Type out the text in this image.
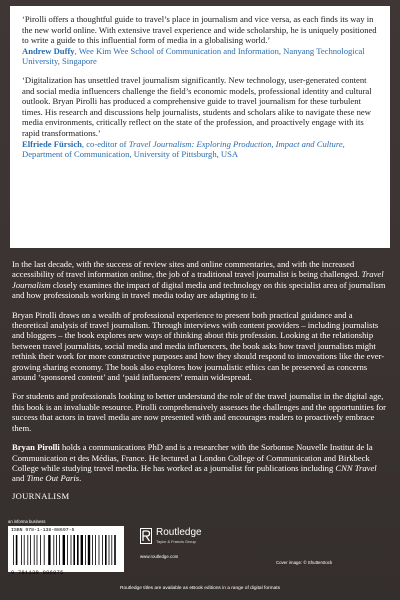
‘Pirolli offers a thoughtful guide to travel’s place in journalism and vice versa, as each finds its way in the new world online. With extensive travel experience and wide scholarship, he is uniquely positioned to write a guide to this influential form of media in a globalising world.’
Andrew Duffy, Wee Kim Wee School of Communication and Information, Nanyang Technological University, Singapore

‘Digitalization has unsettled travel journalism significantly. New technology, user-generated content and social media influencers challenge the field’s economic models, professional identity and cultural outlook. Bryan Pirolli has produced a comprehensive guide to travel journalism for these turbulent times. His research and discussions help journalists, students and scholars alike to navigate these new media environments, critically reflect on the state of the profession, and proactively engage with its rapid transformations.’
Elfriede Fürsich, co-editor of Travel Journalism: Exploring Production, Impact and Culture, Department of Communication, University of Pittsburgh, USA

In the last decade, with the success of review sites and online commentaries, and with the increased accessibility of travel information online, the job of a traditional travel journalist is being challenged. Travel Journalism closely examines the impact of digital media and technology on this specialist area of journalism and how professionals working in travel media today are adapting to it.

Bryan Pirolli draws on a wealth of professional experience to present both practical guidance and a theoretical analysis of travel journalism. Through interviews with content providers – including journalists and bloggers – the book explores new ways of thinking about this profession. Looking at the relationship between travel journalists, social media and media influencers, the book asks how travel journalists might rethink their work for more constructive purposes and how they should respond to innovations like the ever-growing sharing economy. The book also explores how journalistic ethics can be preserved as concerns around ‘sponsored content’ and ‘paid influencers’ remain widespread.

For students and professionals looking to better understand the role of the travel journalist in the digital age, this book is an invaluable resource. Pirolli comprehensively assesses the challenges and the opportunities for success that actors in travel media are now presented with and encourages readers to proactively embrace them.

Bryan Pirolli holds a communications PhD and is a researcher with the Sorbonne Nouvelle Institut de la Communication et des Médias, France. He lectured at London College of Communication and Birkbeck College while studying travel media. He has worked as a journalist for publications including CNN Travel and Time Out Paris.

JOURNALISM
an informa business
ISBN 978-1-138-08697-5
9 781138 086975
Routledge
Taylor & Francis Group
www.routledge.com
Cover image: © Shutterstock
Routledge titles are available as eBook editions in a range of digital formats
